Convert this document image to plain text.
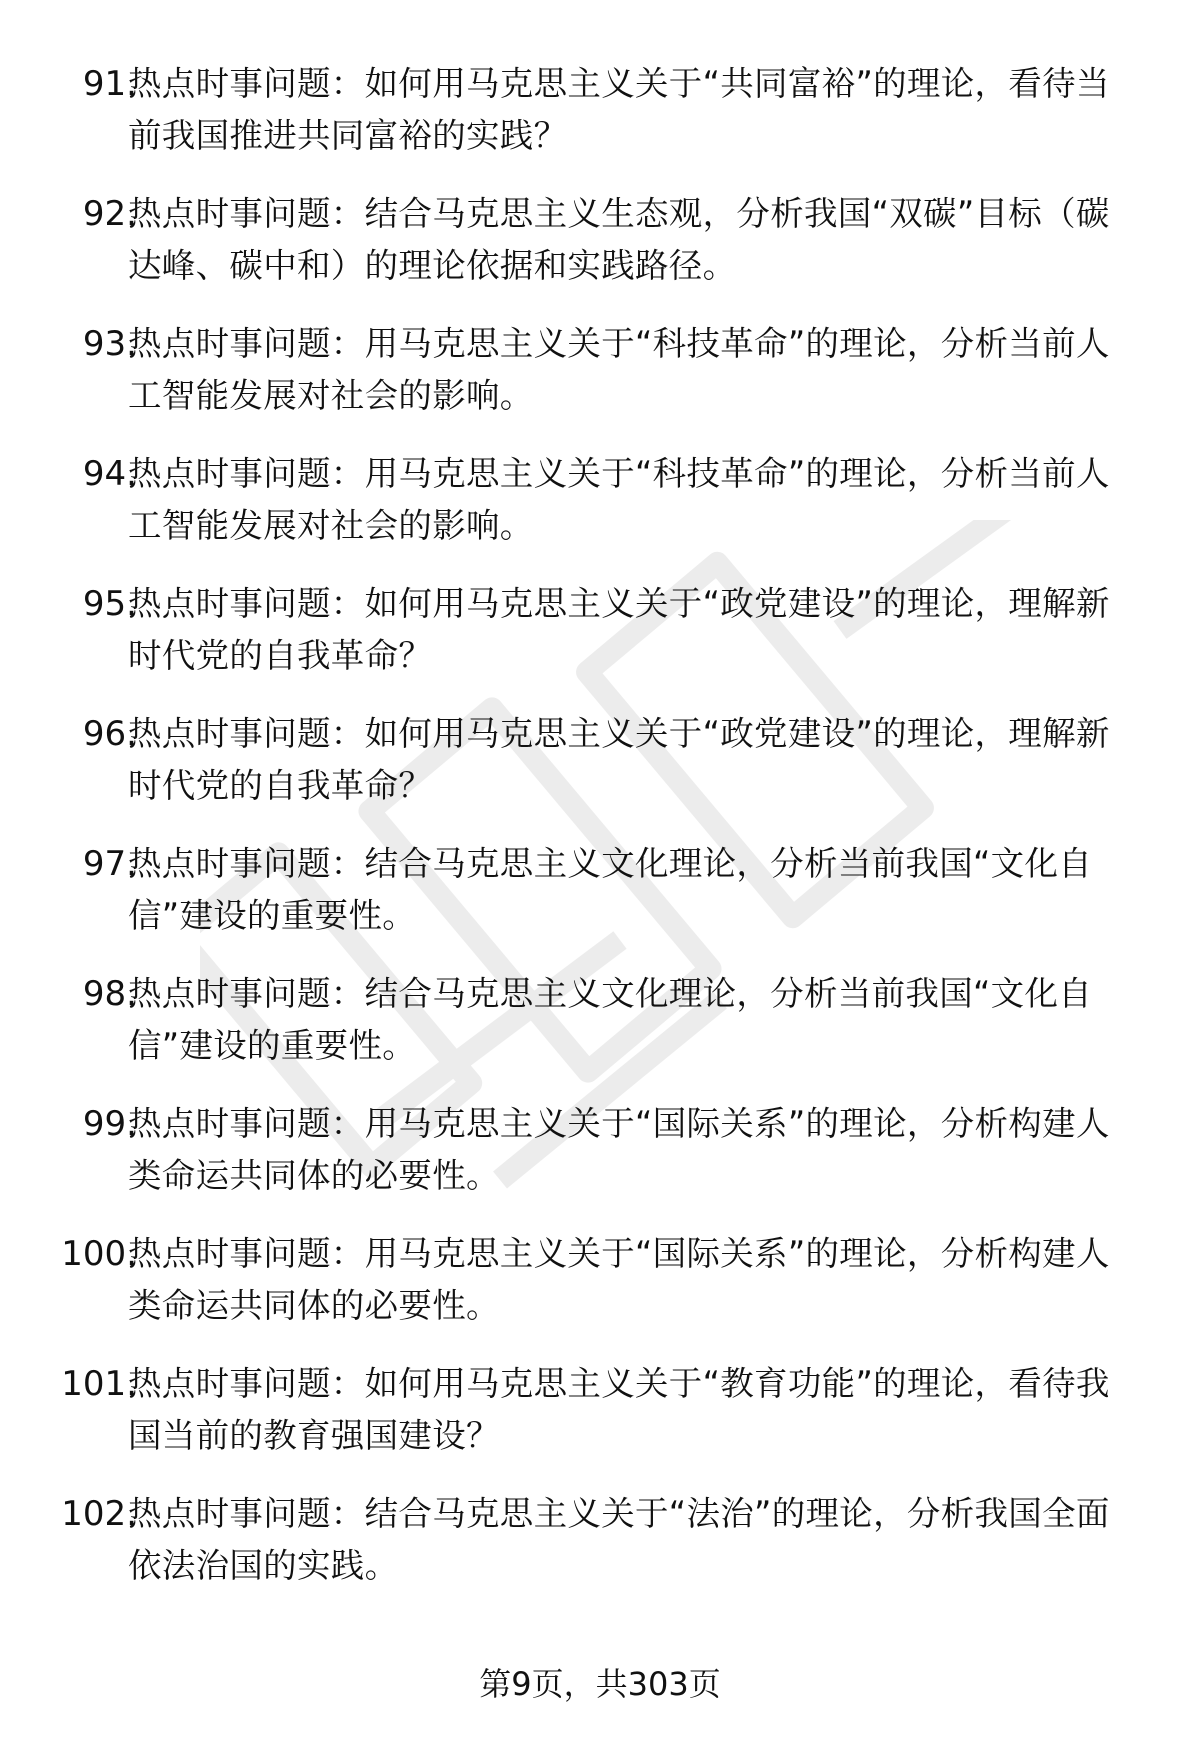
91.
热点时事问题：如何用马克思主义关于“共同富裕”的理论，看待当前我国推进共同富裕的实践？
92.
热点时事问题：结合马克思主义生态观，分析我国“双碳”目标（碳达峰、碳中和）的理论依据和实践路径。
93.
热点时事问题：用马克思主义关于“科技革命”的理论，分析当前人工智能发展对社会的影响。
94.
热点时事问题：用马克思主义关于“科技革命”的理论，分析当前人工智能发展对社会的影响。
95.
热点时事问题：如何用马克思主义关于“政党建设”的理论，理解新时代党的自我革命？
96.
热点时事问题：如何用马克思主义关于“政党建设”的理论，理解新时代党的自我革命？
97.
热点时事问题：结合马克思主义文化理论，分析当前我国“文化自信”建设的重要性。
98.
热点时事问题：结合马克思主义文化理论，分析当前我国“文化自信”建设的重要性。
99.
热点时事问题：用马克思主义关于“国际关系”的理论，分析构建人类命运共同体的必要性。
100.
热点时事问题：用马克思主义关于“国际关系”的理论，分析构建人类命运共同体的必要性。
101.
热点时事问题：如何用马克思主义关于“教育功能”的理论，看待我国当前的教育强国建设？
102.
热点时事问题：结合马克思主义关于“法治”的理论，分析我国全面依法治国的实践。
第9页，共303页
